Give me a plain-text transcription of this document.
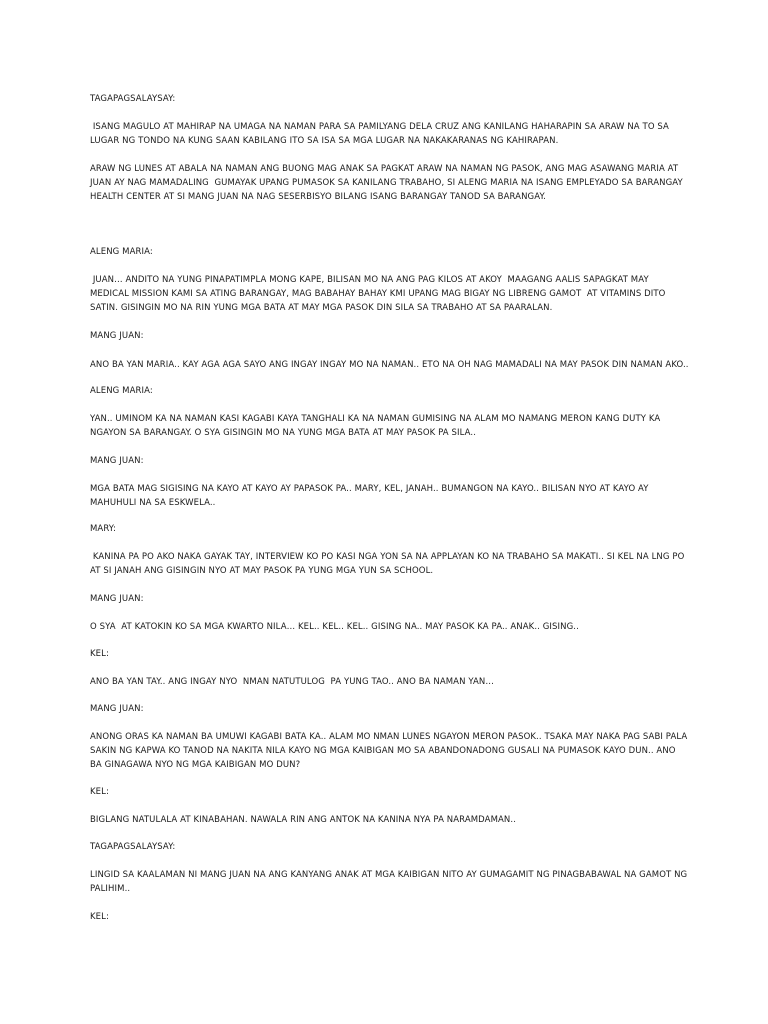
TAGAPAGSALAYSAY:

ISANG MAGULO AT MAHIRAP NA UMAGA NA NAMAN PARA SA PAMILYANG DELA CRUZ ANG KANILANG HAHARAPIN SA ARAW NA TO SA LUGAR NG TONDO NA KUNG SAAN KABILANG ITO SA ISA SA MGA LUGAR NA NAKAKARANAS NG KAHIRAPAN.

ARAW NG LUNES AT ABALA NA NAMAN ANG BUONG MAG ANAK SA PAGKAT ARAW NA NAMAN NG PASOK, ANG MAG ASAWANG MARIA AT JUAN AY NAG MAMADALING  GUMAYAK UPANG PUMASOK SA KANILANG TRABAHO, SI ALENG MARIA NA ISANG EMPLEYADO SA BARANGAY HEALTH CENTER AT SI MANG JUAN NA NAG SESERBISYO BILANG ISANG BARANGAY TANOD SA BARANGAY.

ALENG MARIA:

JUAN… ANDITO NA YUNG PINAPATIMPLA MONG KAPE, BILISAN MO NA ANG PAG KILOS AT AKOY  MAAGANG AALIS SAPAGKAT MAY MEDICAL MISSION KAMI SA ATING BARANGAY, MAG BABAHAY BAHAY KMI UPANG MAG BIGAY NG LIBRENG GAMOT  AT VITAMINS DITO SATIN. GISINGIN MO NA RIN YUNG MGA BATA AT MAY MGA PASOK DIN SILA SA TRABAHO AT SA PAARALAN.

MANG JUAN:

ANO BA YAN MARIA.. KAY AGA AGA SAYO ANG INGAY INGAY MO NA NAMAN.. ETO NA OH NAG MAMADALI NA MAY PASOK DIN NAMAN AKO..

ALENG MARIA:

YAN.. UMINOM KA NA NAMAN KASI KAGABI KAYA TANGHALI KA NA NAMAN GUMISING NA ALAM MO NAMANG MERON KANG DUTY KA NGAYON SA BARANGAY. O SYA GISINGIN MO NA YUNG MGA BATA AT MAY PASOK PA SILA..

MANG JUAN:

MGA BATA MAG SIGISING NA KAYO AT KAYO AY PAPASOK PA.. MARY, KEL, JANAH.. BUMANGON NA KAYO.. BILISAN NYO AT KAYO AY MAHUHULI NA SA ESKWELA..

MARY:

KANINA PA PO AKO NAKA GAYAK TAY, INTERVIEW KO PO KASI NGA YON SA NA APPLAYAN KO NA TRABAHO SA MAKATI.. SI KEL NA LNG PO AT SI JANAH ANG GISINGIN NYO AT MAY PASOK PA YUNG MGA YUN SA SCHOOL.

MANG JUAN:

O SYA  AT KATOKIN KO SA MGA KWARTO NILA… KEL.. KEL.. KEL.. GISING NA.. MAY PASOK KA PA.. ANAK.. GISING..

KEL:

ANO BA YAN TAY.. ANG INGAY NYO  NMAN NATUTULOG  PA YUNG TAO.. ANO BA NAMAN YAN…

MANG JUAN:

ANONG ORAS KA NAMAN BA UMUWI KAGABI BATA KA.. ALAM MO NMAN LUNES NGAYON MERON PASOK.. TSAKA MAY NAKA PAG SABI PALA SAKIN NG KAPWA KO TANOD NA NAKITA NILA KAYO NG MGA KAIBIGAN MO SA ABANDONADONG GUSALI NA PUMASOK KAYO DUN.. ANO BA GINAGAWA NYO NG MGA KAIBIGAN MO DUN?

KEL:

BIGLANG NATULALA AT KINABAHAN. NAWALA RIN ANG ANTOK NA KANINA NYA PA NARAMDAMAN..

TAGAPAGSALAYSAY:

LINGID SA KAALAMAN NI MANG JUAN NA ANG KANYANG ANAK AT MGA KAIBIGAN NITO AY GUMAGAMIT NG PINAGBABAWAL NA GAMOT NG PALIHIM..

KEL:
